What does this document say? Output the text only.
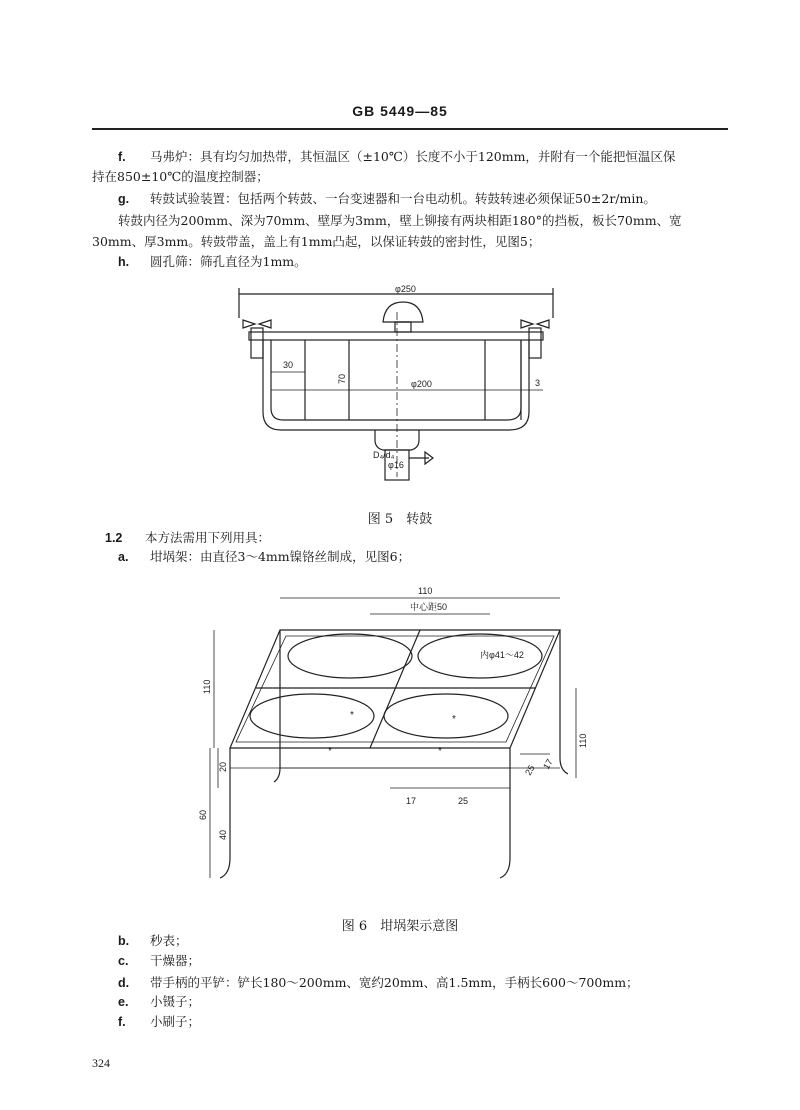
GB 5449—85
f. 马弗炉：具有均匀加热带，其恒温区（±10℃）长度不小于120mm，并附有一个能把恒温区保
持在850±10℃的温度控制器；
g. 转鼓试验装置：包括两个转鼓、一台变速器和一台电动机。转鼓转速必须保证50±2r/min。
转鼓内径为200mm、深为70mm、壁厚为3mm，壁上铆接有两块相距180°的挡板，板长70mm、宽
30mm、厚3mm。转鼓带盖，盖上有1mm凸起，以保证转鼓的密封性，见图5；
h. 圆孔筛：筛孔直径为1mm。
φ250
30
70	φ200	3
D₄/d₄
φ16
图 5　转鼓
1.2 本方法需用下列用具：
a. 坩埚架：由直径3～4mm镍铬丝制成，见图6；
110
中心距50
内φ41～42
110
110
60
20
40
17	25
17
25
*	*
*	*
图 6　坩埚架示意图
b. 秒表；
c. 干燥器；
d. 带手柄的平铲：铲长180～200mm、宽约20mm、高1.5mm，手柄长600～700mm；
e. 小镊子；
f. 小刷子；
324
